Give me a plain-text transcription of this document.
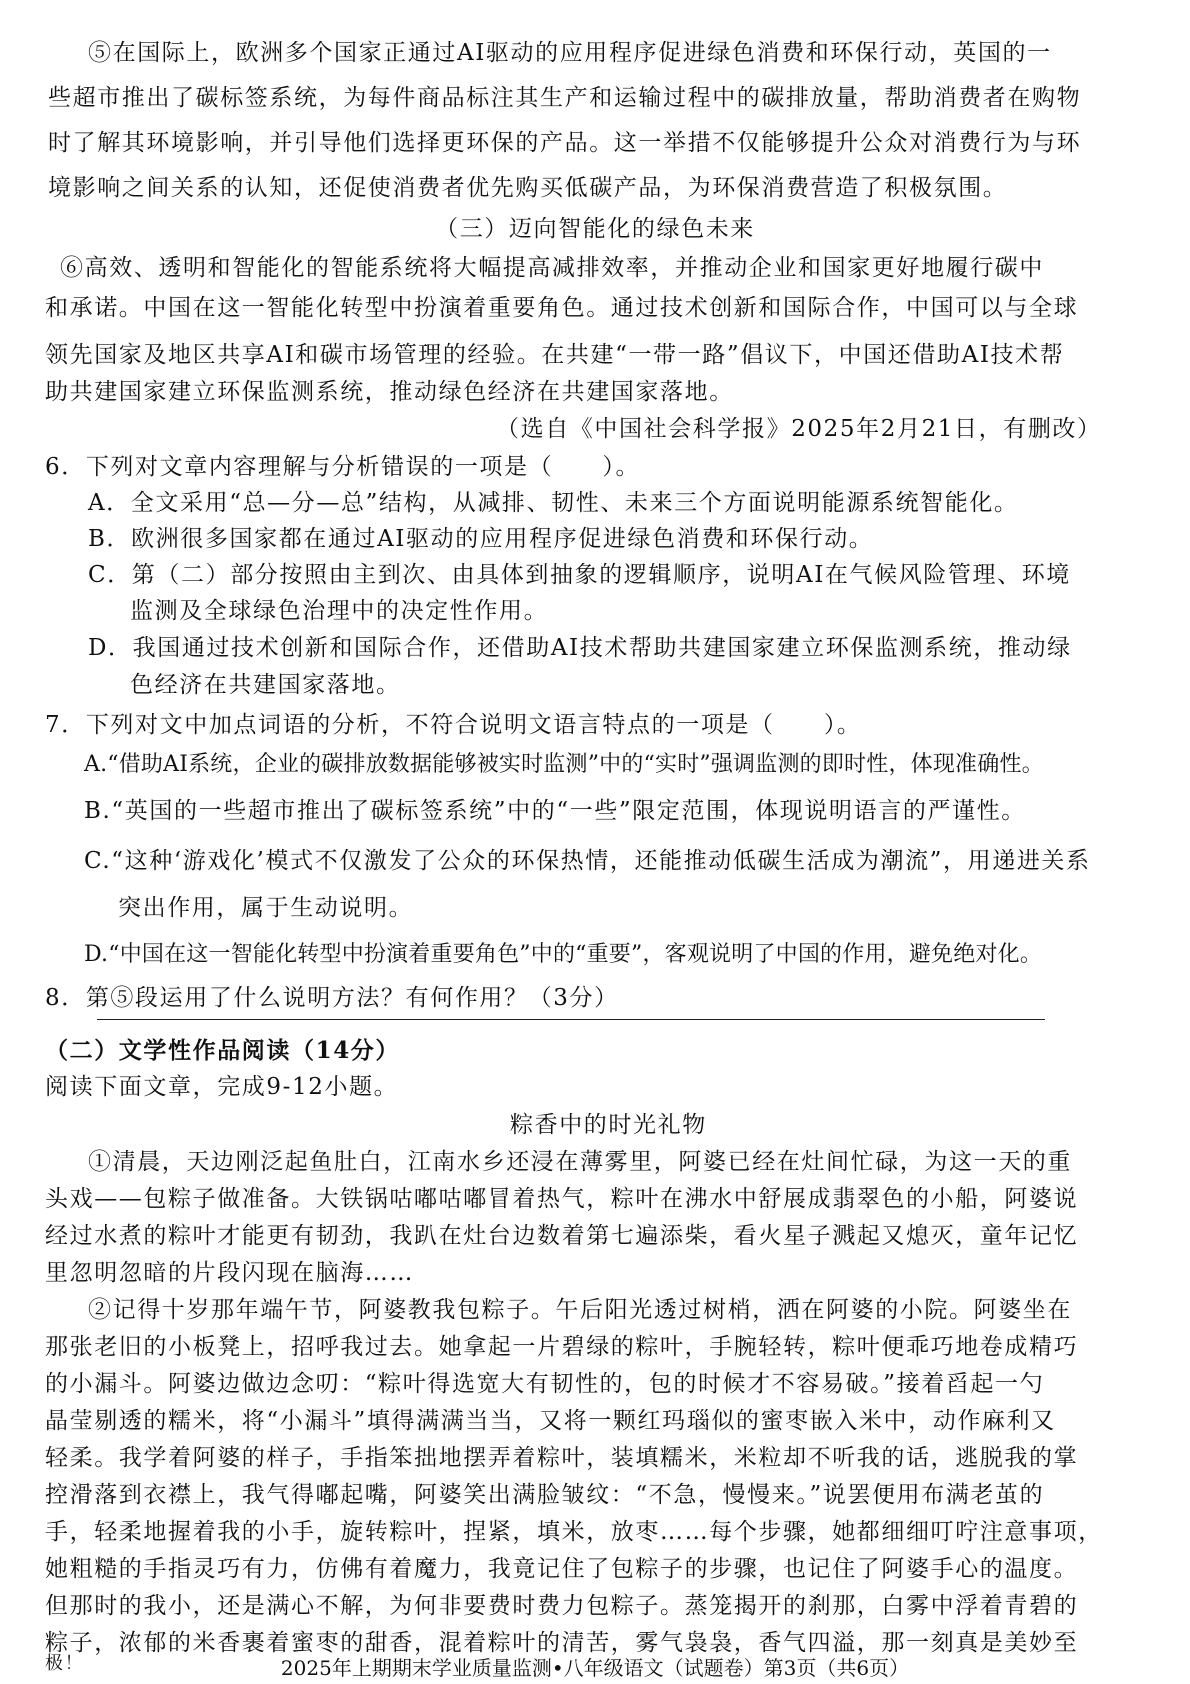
⑤在国际上，欧洲多个国家正通过AI驱动的应用程序促进绿色消费和环保行动，英国的一
些超市推出了碳标签系统，为每件商品标注其生产和运输过程中的碳排放量，帮助消费者在购物
时了解其环境影响，并引导他们选择更环保的产品。这一举措不仅能够提升公众对消费行为与环
境影响之间关系的认知，还促使消费者优先购买低碳产品，为环保消费营造了积极氛围。
（三）迈向智能化的绿色未来
⑥高效、透明和智能化的智能系统将大幅提高减排效率，并推动企业和国家更好地履行碳中
和承诺。中国在这一智能化转型中扮演着重要角色。通过技术创新和国际合作，中国可以与全球
领先国家及地区共享AI和碳市场管理的经验。在共建“一带一路”倡议下，中国还借助AI技术帮
助共建国家建立环保监测系统，推动绿色经济在共建国家落地。
（选自《中国社会科学报》2025年2月21日，有删改）
6．下列对文章内容理解与分析错误的一项是（　　）。
A．全文采用“总—分—总”结构，从减排、韧性、未来三个方面说明能源系统智能化。
B．欧洲很多国家都在通过AI驱动的应用程序促进绿色消费和环保行动。
C．第（二）部分按照由主到次、由具体到抽象的逻辑顺序，说明AI在气候风险管理、环境
监测及全球绿色治理中的决定性作用。
D．我国通过技术创新和国际合作，还借助AI技术帮助共建国家建立环保监测系统，推动绿
色经济在共建国家落地。
7．下列对文中加点词语的分析，不符合说明文语言特点的一项是（　　）。
A.“借助AI系统，企业的碳排放数据能够被实时监测”中的“实时”强调监测的即时性，体现准确性。
B.“英国的一些超市推出了碳标签系统”中的“一些”限定范围，体现说明语言的严谨性。
C.“这种‘游戏化’模式不仅激发了公众的环保热情，还能推动低碳生活成为潮流”，用递进关系
突出作用，属于生动说明。
D.“中国在这一智能化转型中扮演着重要角色”中的“重要”，客观说明了中国的作用，避免绝对化。
8．第⑤段运用了什么说明方法？有何作用？（3分）
（二）文学性作品阅读（14分）
阅读下面文章，完成9-12小题。
粽香中的时光礼物
①清晨，天边刚泛起鱼肚白，江南水乡还浸在薄雾里，阿婆已经在灶间忙碌，为这一天的重
头戏——包粽子做准备。大铁锅咕嘟咕嘟冒着热气，粽叶在沸水中舒展成翡翠色的小船，阿婆说
经过水煮的粽叶才能更有韧劲，我趴在灶台边数着第七遍添柴，看火星子溅起又熄灭，童年记忆
里忽明忽暗的片段闪现在脑海……
②记得十岁那年端午节，阿婆教我包粽子。午后阳光透过树梢，洒在阿婆的小院。阿婆坐在
那张老旧的小板凳上，招呼我过去。她拿起一片碧绿的粽叶，手腕轻转，粽叶便乖巧地卷成精巧
的小漏斗。阿婆边做边念叨：“粽叶得选宽大有韧性的，包的时候才不容易破。”接着舀起一勺
晶莹剔透的糯米，将“小漏斗”填得满满当当，又将一颗红玛瑙似的蜜枣嵌入米中，动作麻利又
轻柔。我学着阿婆的样子，手指笨拙地摆弄着粽叶，装填糯米，米粒却不听我的话，逃脱我的掌
控滑落到衣襟上，我气得嘟起嘴，阿婆笑出满脸皱纹：“不急，慢慢来。”说罢便用布满老茧的
手，轻柔地握着我的小手，旋转粽叶，捏紧，填米，放枣……每个步骤，她都细细叮咛注意事项，
她粗糙的手指灵巧有力，仿佛有着魔力，我竟记住了包粽子的步骤，也记住了阿婆手心的温度。
但那时的我小，还是满心不解，为何非要费时费力包粽子。蒸笼揭开的刹那，白雾中浮着青碧的
粽子，浓郁的米香裹着蜜枣的甜香，混着粽叶的清苦，雾气袅袅，香气四溢，那一刻真是美妙至
极！	2025年上期期末学业质量监测•八年级语文（试题卷）第3页（共6页）
